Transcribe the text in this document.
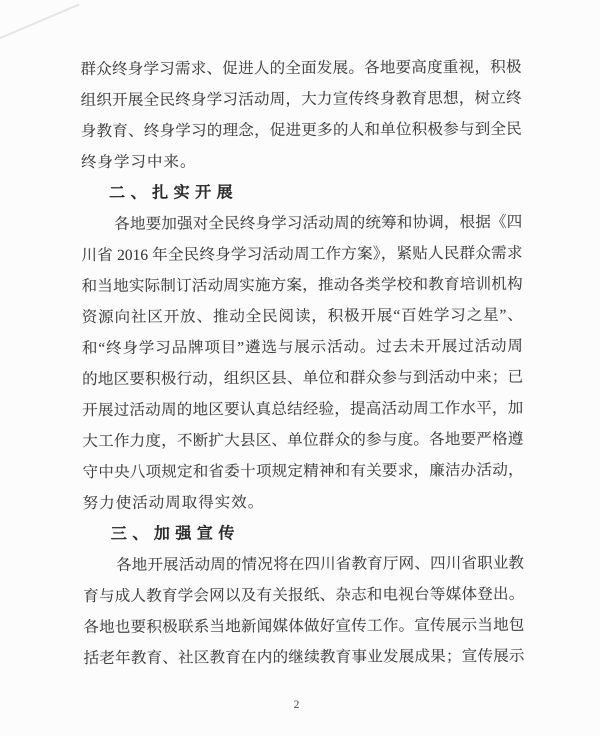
群众终身学习需求、促进人的全面发展。各地要高度重视，积极
组织开展全民终身学习活动周，大力宣传终身教育思想，树立终
身教育、终身学习的理念，促进更多的人和单位积极参与到全民
终身学习中来。
二、扎实开展
各地要加强对全民终身学习活动周的统筹和协调，根据《四
川省 2016 年全民终身学习活动周工作方案》，紧贴人民群众需求
和当地实际制订活动周实施方案，推动各类学校和教育培训机构
资源向社区开放、推动全民阅读，积极开展“百姓学习之星”、
和“终身学习品牌项目”遴选与展示活动。过去未开展过活动周
的地区要积极行动，组织区县、单位和群众参与到活动中来；已
开展过活动周的地区要认真总结经验，提高活动周工作水平，加
大工作力度，不断扩大县区、单位群众的参与度。各地要严格遵
守中央八项规定和省委十项规定精神和有关要求，廉洁办活动，
努力使活动周取得实效。
三、加强宣传
各地开展活动周的情况将在四川省教育厅网、四川省职业教
育与成人教育学会网以及有关报纸、杂志和电视台等媒体登出。
各地也要积极联系当地新闻媒体做好宣传工作。宣传展示当地包
括老年教育、社区教育在内的继续教育事业发展成果；宣传展示
2
